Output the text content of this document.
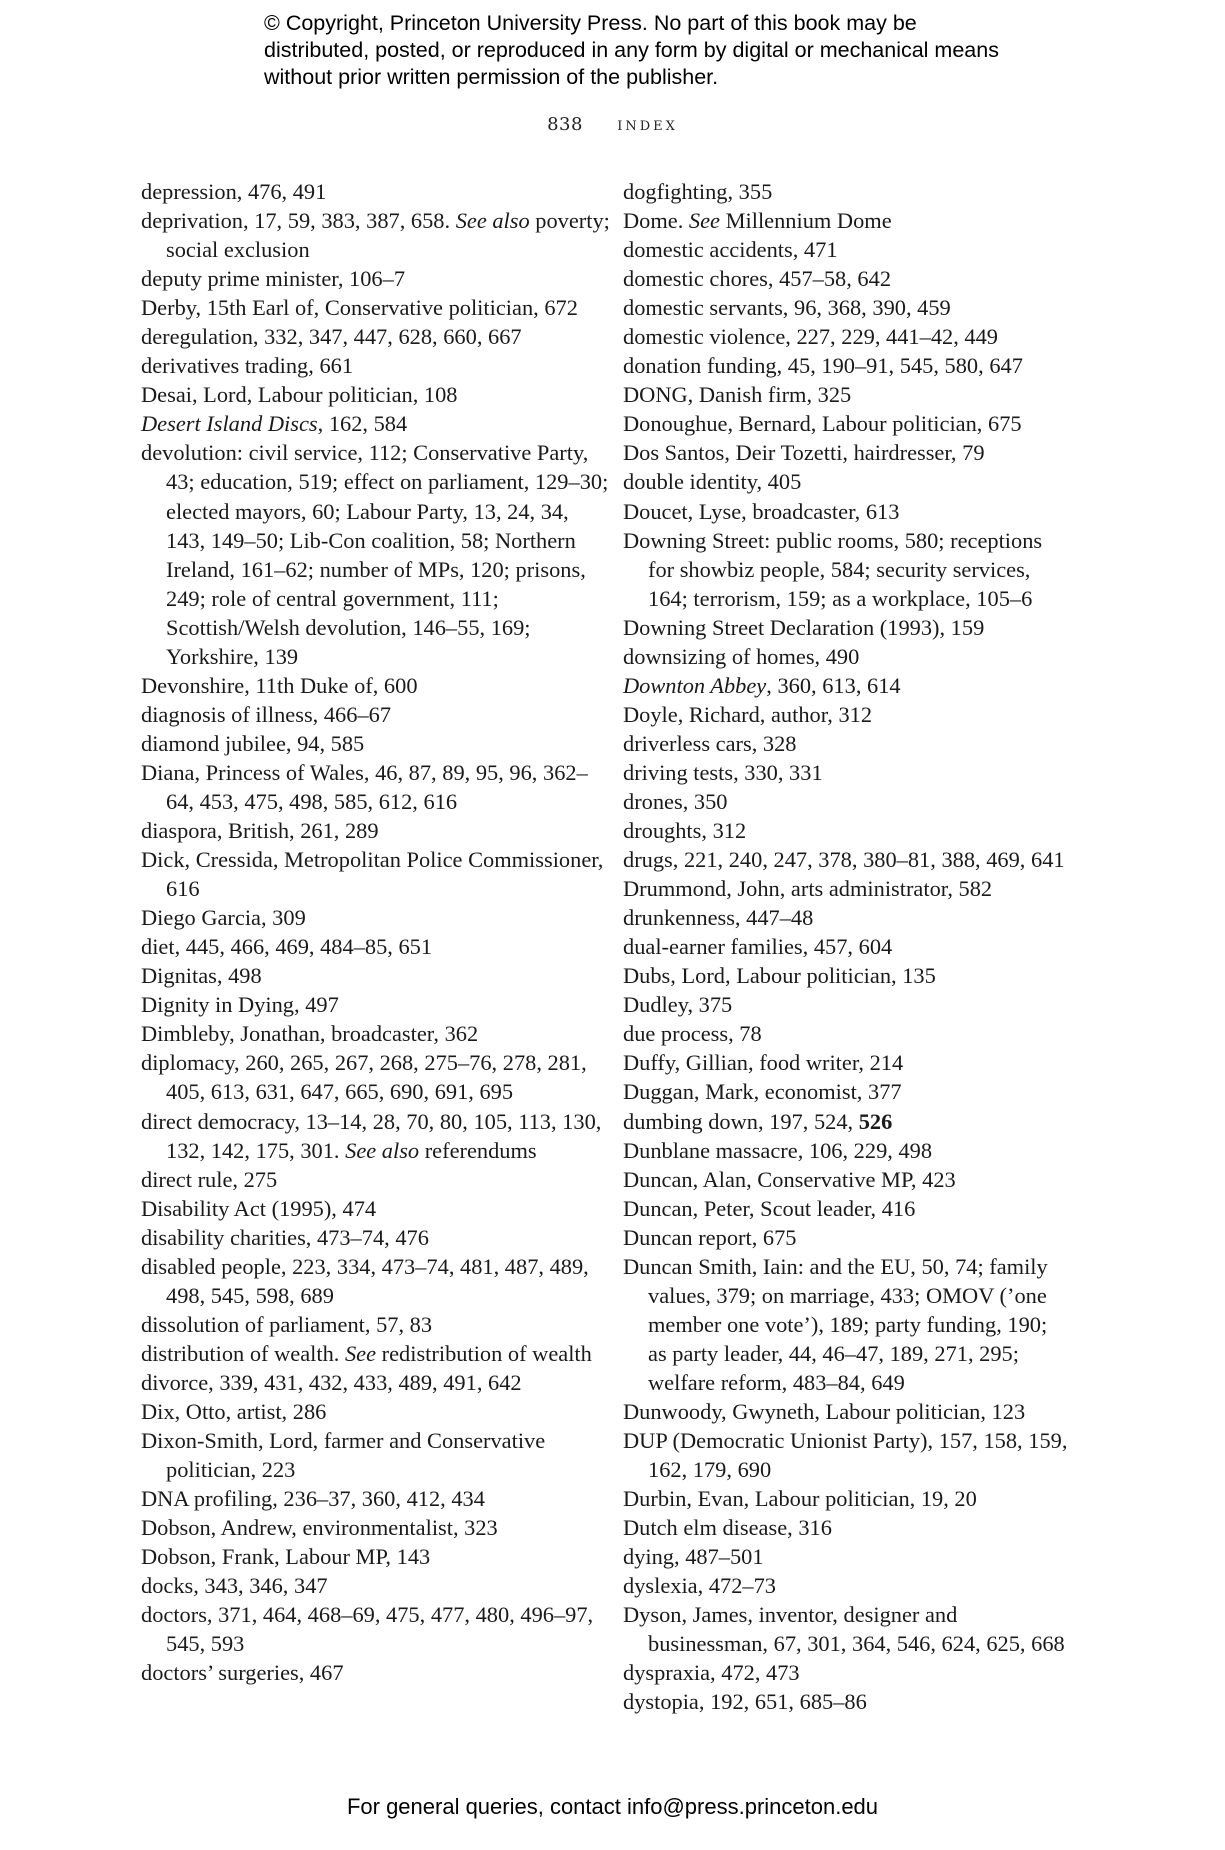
© Copyright, Princeton University Press. No part of this book may be distributed, posted, or reproduced in any form by digital or mechanical means without prior written permission of the publisher.
838 index
depression, 476, 491
deprivation, 17, 59, 383, 387, 658. See also poverty; social exclusion
deputy prime minister, 106–7
Derby, 15th Earl of, Conservative politician, 672
deregulation, 332, 347, 447, 628, 660, 667
derivatives trading, 661
Desai, Lord, Labour politician, 108
Desert Island Discs, 162, 584
devolution: civil service, 112; Conservative Party, 43; education, 519; effect on parliament, 129–30; elected mayors, 60; Labour Party, 13, 24, 34, 143, 149–50; Lib-Con coalition, 58; Northern Ireland, 161–62; number of MPs, 120; prisons, 249; role of central government, 111; Scottish/Welsh devolution, 146–55, 169; Yorkshire, 139
Devonshire, 11th Duke of, 600
diagnosis of illness, 466–67
diamond jubilee, 94, 585
Diana, Princess of Wales, 46, 87, 89, 95, 96, 362–64, 453, 475, 498, 585, 612, 616
diaspora, British, 261, 289
Dick, Cressida, Metropolitan Police Commissioner, 616
Diego Garcia, 309
diet, 445, 466, 469, 484–85, 651
Dignitas, 498
Dignity in Dying, 497
Dimbleby, Jonathan, broadcaster, 362
diplomacy, 260, 265, 267, 268, 275–76, 278, 281, 405, 613, 631, 647, 665, 690, 691, 695
direct democracy, 13–14, 28, 70, 80, 105, 113, 130, 132, 142, 175, 301. See also referendums
direct rule, 275
Disability Act (1995), 474
disability charities, 473–74, 476
disabled people, 223, 334, 473–74, 481, 487, 489, 498, 545, 598, 689
dissolution of parliament, 57, 83
distribution of wealth. See redistribution of wealth
divorce, 339, 431, 432, 433, 489, 491, 642
Dix, Otto, artist, 286
Dixon-Smith, Lord, farmer and Conservative politician, 223
DNA profiling, 236–37, 360, 412, 434
Dobson, Andrew, environmentalist, 323
Dobson, Frank, Labour MP, 143
docks, 343, 346, 347
doctors, 371, 464, 468–69, 475, 477, 480, 496–97, 545, 593
doctors’ surgeries, 467
dogfighting, 355
Dome. See Millennium Dome
domestic accidents, 471
domestic chores, 457–58, 642
domestic servants, 96, 368, 390, 459
domestic violence, 227, 229, 441–42, 449
donation funding, 45, 190–91, 545, 580, 647
DONG, Danish firm, 325
Donoughue, Bernard, Labour politician, 675
Dos Santos, Deir Tozetti, hairdresser, 79
double identity, 405
Doucet, Lyse, broadcaster, 613
Downing Street: public rooms, 580; receptions for showbiz people, 584; security services, 164; terrorism, 159; as a workplace, 105–6
Downing Street Declaration (1993), 159
downsizing of homes, 490
Downton Abbey, 360, 613, 614
Doyle, Richard, author, 312
driverless cars, 328
driving tests, 330, 331
drones, 350
droughts, 312
drugs, 221, 240, 247, 378, 380–81, 388, 469, 641
Drummond, John, arts administrator, 582
drunkenness, 447–48
dual-earner families, 457, 604
Dubs, Lord, Labour politician, 135
Dudley, 375
due process, 78
Duffy, Gillian, food writer, 214
Duggan, Mark, economist, 377
dumbing down, 197, 524, 526
Dunblane massacre, 106, 229, 498
Duncan, Alan, Conservative MP, 423
Duncan, Peter, Scout leader, 416
Duncan report, 675
Duncan Smith, Iain: and the EU, 50, 74; family values, 379; on marriage, 433; OMOV (’one member one vote’), 189; party funding, 190; as party leader, 44, 46–47, 189, 271, 295; welfare reform, 483–84, 649
Dunwoody, Gwyneth, Labour politician, 123
DUP (Democratic Unionist Party), 157, 158, 159, 162, 179, 690
Durbin, Evan, Labour politician, 19, 20
Dutch elm disease, 316
dying, 487–501
dyslexia, 472–73
Dyson, James, inventor, designer and businessman, 67, 301, 364, 546, 624, 625, 668
dyspraxia, 472, 473
dystopia, 192, 651, 685–86
For general queries, contact info@press.princeton.edu
